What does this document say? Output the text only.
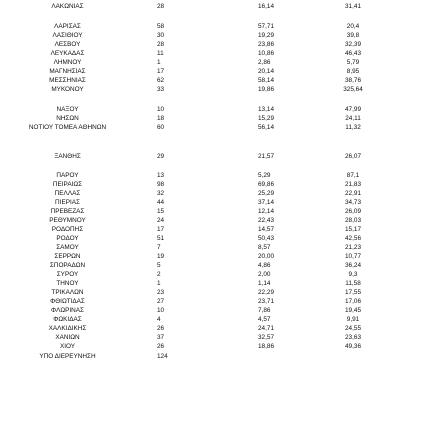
ΛΑΚΩΝΙΑΣ	28	16,14	31,41
ΛΑΡΙΣΑΣ	58	57,71	20,4
ΛΑΣΙΘΙΟΥ	30	19,29	39,8
ΛΕΣΒΟΥ	28	23,86	32,39
ΛΕΥΚΑΔΑΣ	11	10,86	46,43
ΛΗΜΝΟΥ	1	2,86	5,79
ΜΑΓΝΗΣΙΑΣ	17	20,14	8,95
ΜΕΣΣΗΝΙΑΣ	62	58,14	38,76
ΜΥΚΟΝΟΥ	33	19,86	325,64
ΝΑΞΟΥ	10	13,14	47,99
ΝΗΣΩΝ	18	15,29	24,11
ΝΟΤΙΟΥ ΤΟΜΕΑ ΑΘΗΝΩΝ	60	56,14	11,32
ΞΑΝΘΗΣ	29	21,57	26,07
ΠΑΡΟΥ	13	5,29	87,1
ΠΕΙΡΑΙΩΣ	98	69,86	21,83
ΠΕΛΛΑΣ	32	25,29	22,91
ΠΙΕΡΙΑΣ	44	37,14	34,73
ΠΡΕΒΕΖΑΣ	15	12,14	26,09
ΡΕΘΥΜΝΟΥ	24	22,43	28,03
ΡΟΔΟΠΗΣ	17	14,57	15,17
ΡΟΔΟΥ	51	50,43	42,56
ΣΑΜΟΥ	7	8,57	21,23
ΣΕΡΡΩΝ	19	20,00	10,77
ΣΠΟΡΑΔΩΝ	5	4,86	36,24
ΣΥΡΟΥ	2	2,00	9,3
ΤΗΝΟΥ	1	1,14	11,58
ΤΡΙΚΑΛΩΝ	23	22,29	17,55
ΦΘΙΩΤΙΔΑΣ	27	23,71	17,06
ΦΛΩΡΙΝΑΣ	10	7,86	19,45
ΦΩΚΙΔΑΣ	4	4,57	9,91
ΧΑΛΚΙΔΙΚΗΣ	26	24,71	24,55
ΧΑΝΙΩΝ	37	32,57	23,63
ΧΙΟΥ	26	18,86	49,36
ΥΠΟ ΔΙΕΡΕΥΝΗΣΗ	124
